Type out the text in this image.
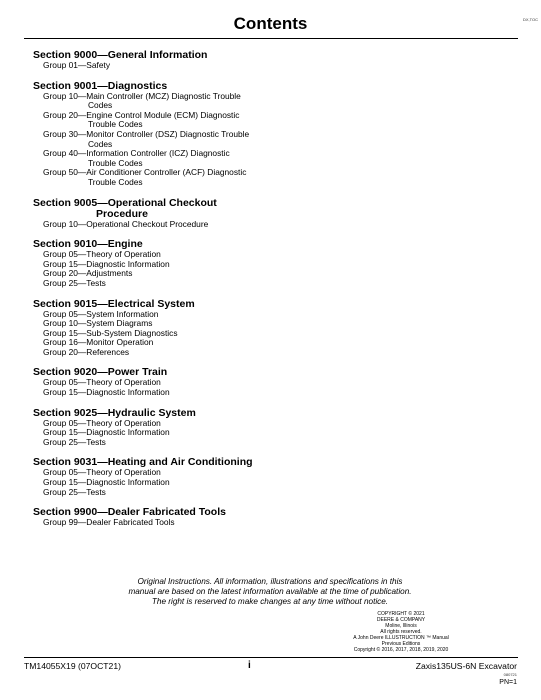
Contents	DX,TOC
Section 9000—General Information
Group 01—Safety
Section 9001—Diagnostics
Group 10—Main Controller (MCZ) Diagnostic Trouble
Codes
Group 20—Engine Control Module (ECM) Diagnostic
Trouble Codes
Group 30—Monitor Controller (DSZ) Diagnostic Trouble
Codes
Group 40—Information Controller (ICZ) Diagnostic
Trouble Codes
Group 50—Air Conditioner Controller (ACF) Diagnostic
Trouble Codes
Section 9005—Operational Checkout
Procedure
Group 10—Operational Checkout Procedure
Section 9010—Engine
Group 05—Theory of Operation
Group 15—Diagnostic Information
Group 20—Adjustments
Group 25—Tests
Section 9015—Electrical System
Group 05—System Information
Group 10—System Diagrams
Group 15—Sub-System Diagnostics
Group 16—Monitor Operation
Group 20—References
Section 9020—Power Train
Group 05—Theory of Operation
Group 15—Diagnostic Information
Section 9025—Hydraulic System
Group 05—Theory of Operation
Group 15—Diagnostic Information
Group 25—Tests
Section 9031—Heating and Air Conditioning
Group 05—Theory of Operation
Group 15—Diagnostic Information
Group 25—Tests
Section 9900—Dealer Fabricated Tools
Group 99—Dealer Fabricated Tools
Original Instructions. All information, illustrations and specifications in this
manual are based on the latest information available at the time of publication.
The right is reserved to make changes at any time without notice.
COPYRIGHT © 2021
DEERE & COMPANY
Moline, Illinois
All rights reserved.
A John Deere ILLUSTRUCTION ™ Manual
Previous Editions
Copyright © 2016, 2017, 2018, 2019, 2020
TM14055X19 (07OCT21)	i	Zaxis135US-6N Excavator
080721
PN=1
